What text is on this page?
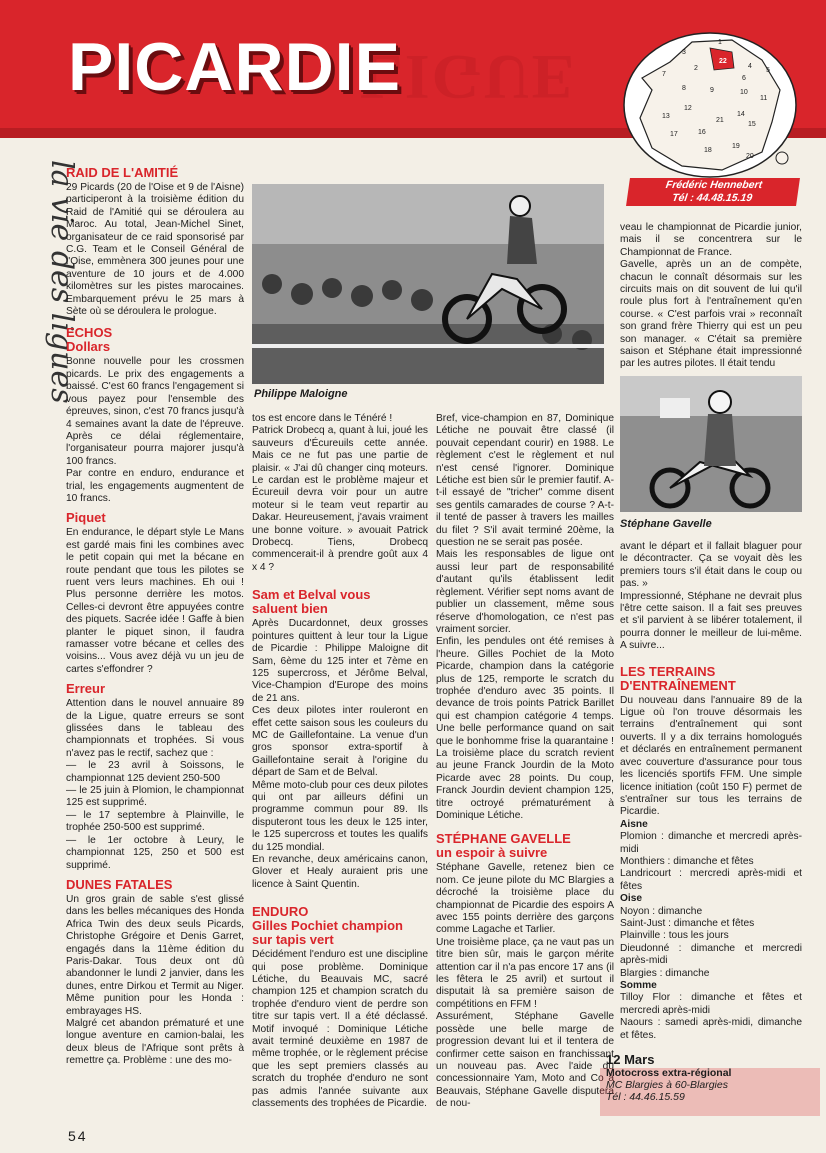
LIGUE
PICARDIE	1
2	4
5
6
7
8	9	10
11
12
13	14
15
16
17
18
19
20
21
3
22
Frédéric Hennebert
Tél : 44.48.15.19
la vie des ligues
RAID DE L'AMITIÉ
29 Picards (20 de l'Oise et 9 de l'Aisne) participeront à la troisième édition du Raid de l'Amitié qui se déroulera au Maroc. Au total, Jean-Michel Sinet, organisateur de ce raid sponsorisé par C.G. Team et le Conseil Général de l'Oise, emmènera 300 jeunes pour une aventure de 10 jours et de 4.000 kilomètres sur les pistes marocaines. Embarquement prévu le 25 mars à Sète où se déroulera le prologue.
ECHOS
Dollars
Bonne nouvelle pour les crossmen picards. Le prix des engagements a baissé. C'est 60 francs l'engagement si vous payez pour l'ensemble des épreuves, sinon, c'est 70 francs jusqu'à 4 semaines avant la date de l'épreuve. Après ce délai réglementaire, l'organisateur pourra majorer jusqu'à 100 francs.
Par contre en enduro, endurance et trial, les engagements augmentent de 10 francs.
Piquet
En endurance, le départ style Le Mans est gardé mais fini les combines avec le petit copain qui met la bécane en route pendant que tous les pilotes se ruent vers leurs machines. Eh oui ! Plus personne derrière les motos. Celles-ci devront être appuyées contre des piquets. Sacrée idée ! Gaffe à bien planter le piquet sinon, il faudra ramasser votre bécane et celles des voisins... Vous avez déjà vu un jeu de cartes s'effondrer ?
Erreur
Attention dans le nouvel annuaire 89 de la Ligue, quatre erreurs se sont glissées dans le tableau des championnats et trophées. Si vous n'avez pas le rectif, sachez que :
— le 23 avril à Soissons, le championnat 125 devient 250-500
— le 25 juin à Plomion, le championnat 125 est supprimé.
— le 17 septembre à Plainville, le trophée 250-500 est supprimé.
— le 1er octobre à Leury, le championnat 125, 250 et 500 est supprimé.
DUNES FATALES
Un gros grain de sable s'est glissé dans les belles mécaniques des Honda Africa Twin des deux seuls Picards, Christophe Grégoire et Denis Garret, engagés dans la 11ème édition du Paris-Dakar. Tous deux ont dû abandonner le lundi 2 janvier, dans les dunes, entre Dirkou et Termit au Niger. Même punition pour les Honda : embrayages HS.
Malgré cet abandon prématuré et une longue aventure en camion-balai, les deux bleus de l'Afrique sont prêts à remettre ça. Problème : une des mo-
Philippe Maloigne
tos est encore dans le Ténéré !
Patrick Drobecq a, quant à lui, joué les sauveurs d'Écureuils cette année. Mais ce ne fut pas une partie de plaisir. « J'ai dû changer cinq moteurs. Le cardan est le problème majeur et Écureuil devra voir pour un autre moteur si le team veut repartir au Dakar. Heureusement, j'avais vraiment une bonne voiture. » avouait Patrick Drobecq. Tiens, Drobecq commencerait-il à prendre goût aux 4 x 4 ?
Sam et Belval vous
saluent bien
Après Ducardonnet, deux grosses pointures quittent à leur tour la Ligue de Picardie : Philippe Maloigne dit Sam, 6ème du 125 inter et 7ème en 125 supercross, et Jérôme Belval, Vice-Champion d'Europe des moins de 21 ans.
Ces deux pilotes inter rouleront en effet cette saison sous les couleurs du MC de Gaillefontaine. La venue d'un gros sponsor extra-sportif à Gaillefontaine serait à l'origine du départ de Sam et de Belval.
Même moto-club pour ces deux pilotes qui ont par ailleurs défini un programme commun pour 89. Ils disputeront tous les deux le 125 inter, le 125 supercross et toutes les qualifs du 125 mondial.
En revanche, deux américains canon, Glover et Healy auraient pris une licence à Saint Quentin.
ENDURO
Gilles Pochiet champion
sur tapis vert
Décidément l'enduro est une discipline qui pose problème. Dominique Létiche, du Beauvais MC, sacré champion 125 et champion scratch du trophée d'enduro vient de perdre son titre sur tapis vert. Il a été déclassé. Motif invoqué : Dominique Létiche avait terminé deuxième en 1987 de même trophée, or le règlement précise que les sept premiers classés au scratch du trophée d'enduro ne sont pas admis l'année suivante aux classements des trophées de Picardie.
Bref, vice-champion en 87, Dominique Létiche ne pouvait être classé (il pouvait cependant courir) en 1988. Le règlement c'est le règlement et nul n'est censé l'ignorer. Dominique Létiche est bien sûr le premier fautif. A-t-il essayé de "tricher" comme disent ses gentils camarades de course ? A-t-il tenté de passer à travers les mailles du filet ? S'il avait terminé 20ème, la question ne se serait pas posée.
Mais les responsables de ligue ont aussi leur part de responsabilité d'autant qu'ils établissent ledit règlement. Vérifier sept noms avant de publier un classement, même sous réserve d'homologation, ce n'est pas vraiment sorcier.
Enfin, les pendules ont été remises à l'heure. Gilles Pochiet de la Moto Picarde, champion dans la catégorie plus de 125, remporte le scratch du trophée d'enduro avec 35 points. Il devance de trois points Patrick Barillet qui est champion catégorie 4 temps. Une belle performance quand on sait que le bonhomme frise la quarantaine ! La troisième place du scratch revient au jeune Franck Jourdin de la Moto Picarde avec 28 points. Du coup, Franck Jourdin devient champion 125, titre octroyé prématurément à Dominique Létiche.
STÉPHANE GAVELLE
un espoir à suivre
Stéphane Gavelle, retenez bien ce nom. Ce jeune pilote du MC Blargies a décroché la troisième place du championnat de Picardie des espoirs A avec 155 points derrière des garçons comme Lagache et Tarlier.
Une troisième place, ça ne vaut pas un titre bien sûr, mais le garçon mérite attention car il n'a pas encore 17 ans (il les fêtera le 25 avril) et surtout il disputait là sa première saison de compétitions en FFM !
Assurément, Stéphane Gavelle possède une belle marge de progression devant lui et il tentera de confirmer cette saison en franchissant un nouveau pas. Avec l'aide du concessionnaire Yam, Moto and Co à Beauvais, Stéphane Gavelle disputera de nou-
veau le championnat de Picardie junior, mais il se concentrera sur le Championnat de France.
Gavelle, après un an de compète, chacun le connaît désormais sur les circuits mais on dit souvent de lui qu'il roule plus fort à l'entraînement qu'en course. « C'est parfois vrai » reconnaît son grand frère Thierry qui est un peu son manager. « C'était sa première saison et Stéphane était impressionné par les autres pilotes. Il était tendu
Stéphane Gavelle
avant le départ et il fallait blaguer pour le décontracter. Ça se voyait dès les premiers tours s'il était dans le coup ou pas. »
Impressionné, Stéphane ne devrait plus l'être cette saison. Il a fait ses preuves et s'il parvient à se libérer totalement, il pourra donner le meilleur de lui-même. A suivre...
LES TERRAINS
D'ENTRAÎNEMENT
Du nouveau dans l'annuaire 89 de la Ligue où l'on trouve désormais les terrains d'entraînement qui sont ouverts. Il y a dix terrains homologués et déclarés en entraînement permanent avec couverture d'assurance pour tous les licenciés sportifs FFM. Une simple licence initiation (coût 150 F) permet de s'entraîner sur tous les terrains de Picardie.
Aisne
Plomion : dimanche et mercredi après-midi
Monthiers : dimanche et fêtes
Landricourt : mercredi après-midi et fêtes
Oise
Noyon : dimanche
Saint-Just : dimanche et fêtes
Plainville : tous les jours
Dieudonné : dimanche et mercredi après-midi
Blargies : dimanche
Somme
Tilloy Flor : dimanche et fêtes et mercredi après-midi
Naours : samedi après-midi, dimanche et fêtes.
12 Mars
Motocross extra-régional
MC Blargies à 60-Blargies
Tél : 44.46.15.59
54
